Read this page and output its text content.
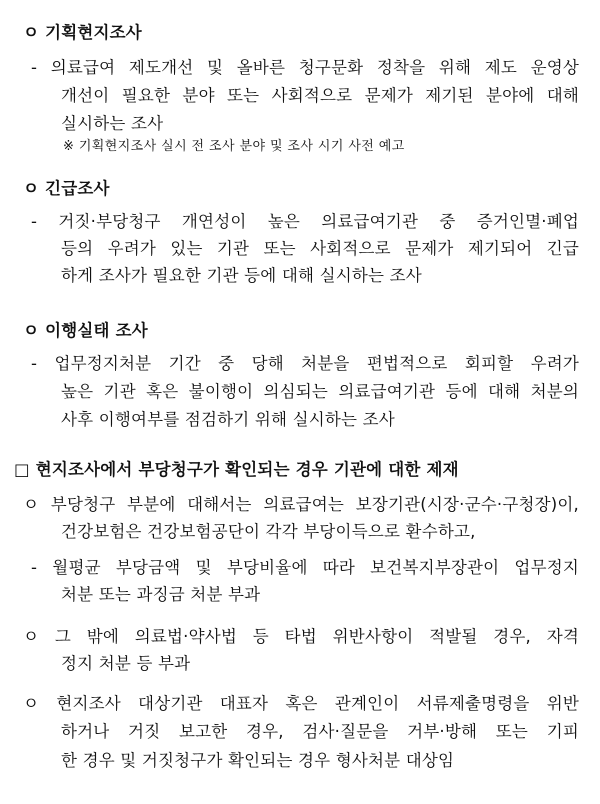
ㅇ 기획현지조사
- 의료급여 제도개선 및 올바른 청구문화 정착을 위해 제도 운영상
개선이 필요한 분야 또는 사회적으로 문제가 제기된 분야에 대해
실시하는 조사
※ 기획현지조사 실시 전 조사 분야 및 조사 시기 사전 예고
ㅇ 긴급조사
- 거짓·부당청구 개연성이 높은 의료급여기관 중 증거인멸·폐업
등의 우려가 있는 기관 또는 사회적으로 문제가 제기되어 긴급
하게 조사가 필요한 기관 등에 대해 실시하는 조사
ㅇ 이행실태 조사
- 업무정지처분 기간 중 당해 처분을 편법적으로 회피할 우려가
높은 기관 혹은 불이행이 의심되는 의료급여기관 등에 대해 처분의
사후 이행여부를 점검하기 위해 실시하는 조사
□ 현지조사에서 부당청구가 확인되는 경우 기관에 대한 제재
ㅇ 부당청구 부분에 대해서는 의료급여는 보장기관(시장·군수·구청장)이,
건강보험은 건강보험공단이 각각 부당이득으로 환수하고,
- 월평균 부당금액 및 부당비율에 따라 보건복지부장관이 업무정지
처분 또는 과징금 처분 부과
ㅇ 그 밖에 의료법·약사법 등 타법 위반사항이 적발될 경우, 자격
정지 처분 등 부과
ㅇ 현지조사 대상기관 대표자 혹은 관계인이 서류제출명령을 위반
하거나 거짓 보고한 경우, 검사·질문을 거부·방해 또는 기피
한 경우 및 거짓청구가 확인되는 경우 형사처분 대상임
